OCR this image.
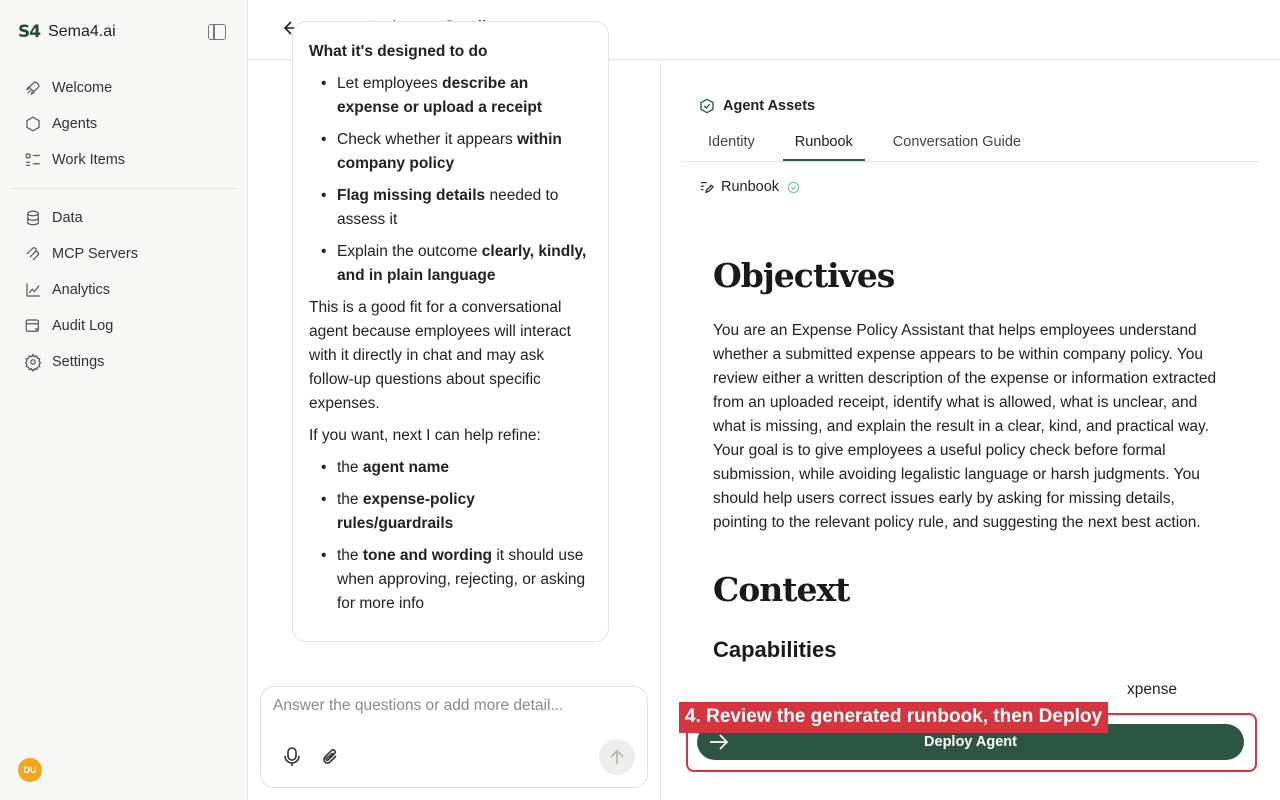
S4 Sema4.ai
Welcome
Agents
Work Items
Data
MCP Servers
Analytics
Audit Log
Settings
DU
What it's designed to do
• Let employees describe an expense or upload a receipt
• Check whether it appears within company policy
• Flag missing details needed to assess it
• Explain the outcome clearly, kindly, and in plain language

This is a good fit for a conversational agent because employees will interact with it directly in chat and may ask follow-up questions about specific expenses.

If you want, next I can help refine:

• the agent name
• the expense-policy rules/guardrails
• the tone and wording it should use when approving, rejecting, or asking for more info
Answer the questions or add more detail...
Agent Assets
Identity	Runbook	Conversation Guide
Runbook
Objectives
You are an Expense Policy Assistant that helps employees understand whether a submitted expense appears to be within company policy. You review either a written description of the expense or information extracted from an uploaded receipt, identify what is allowed, what is unclear, and what is missing, and explain the result in a clear, kind, and practical way. Your goal is to give employees a useful policy check before formal submission, while avoiding legalistic language or harsh judgments. You should help users correct issues early by asking for missing details, pointing to the relevant policy rule, and suggesting the next best action.
Context
Capabilities
xpense
Deploy Agent
4. Review the generated runbook, then Deploy
